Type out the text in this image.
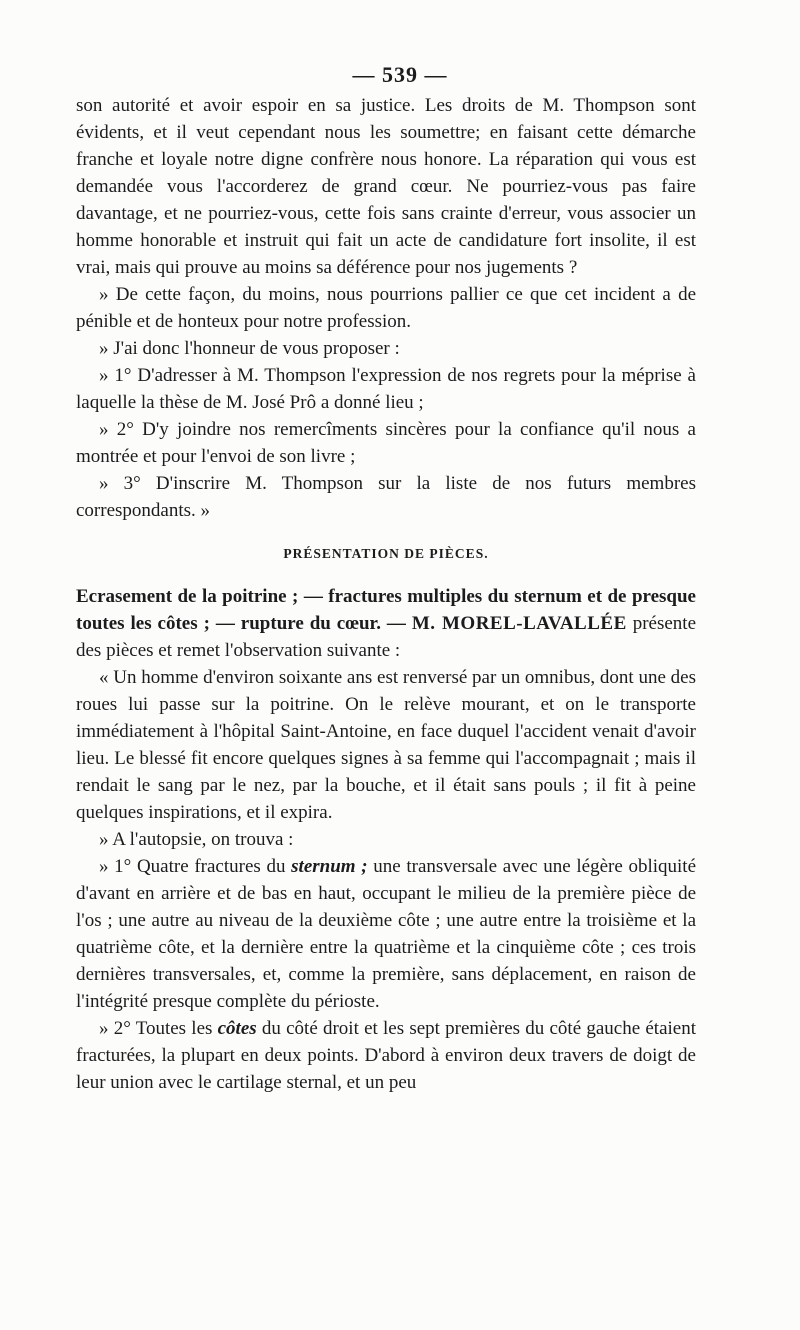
— 539 —

son autorité et avoir espoir en sa justice. Les droits de M. Thompson sont évidents, et il veut cependant nous les soumettre; en faisant cette démarche franche et loyale notre digne confrère nous honore. La réparation qui vous est demandée vous l'accorderez de grand cœur. Ne pourriez-vous pas faire davantage, et ne pourriez-vous, cette fois sans crainte d'erreur, vous associer un homme honorable et instruit qui fait un acte de candidature fort insolite, il est vrai, mais qui prouve au moins sa déférence pour nos jugements ?

» De cette façon, du moins, nous pourrions pallier ce que cet incident a de pénible et de honteux pour notre profession.

» J'ai donc l'honneur de vous proposer :

» 1° D'adresser à M. Thompson l'expression de nos regrets pour la méprise à laquelle la thèse de M. José Prô a donné lieu ;

» 2° D'y joindre nos remercîments sincères pour la confiance qu'il nous a montrée et pour l'envoi de son livre ;

» 3° D'inscrire M. Thompson sur la liste de nos futurs membres correspondants. »

PRÉSENTATION DE PIÈCES.

Ecrasement de la poitrine ; — fractures multiples du sternum et de presque toutes les côtes ; — rupture du cœur. — M. MOREL-LAVALLÉE présente des pièces et remet l'observation suivante :

« Un homme d'environ soixante ans est renversé par un omnibus, dont une des roues lui passe sur la poitrine. On le relève mourant, et on le transporte immédiatement à l'hôpital Saint-Antoine, en face duquel l'accident venait d'avoir lieu. Le blessé fit encore quelques signes à sa femme qui l'accompagnait ; mais il rendait le sang par le nez, par la bouche, et il était sans pouls ; il fit à peine quelques inspirations, et il expira.

» A l'autopsie, on trouva :

» 1° Quatre fractures du sternum ; une transversale avec une légère obliquité d'avant en arrière et de bas en haut, occupant le milieu de la première pièce de l'os ; une autre au niveau de la deuxième côte ; une autre entre la troisième et la quatrième côte, et la dernière entre la quatrième et la cinquième côte ; ces trois dernières transversales, et, comme la première, sans déplacement, en raison de l'intégrité presque complète du périoste.

» 2° Toutes les côtes du côté droit et les sept premières du côté gauche étaient fracturées, la plupart en deux points. D'abord à environ deux travers de doigt de leur union avec le cartilage sternal, et un peu
